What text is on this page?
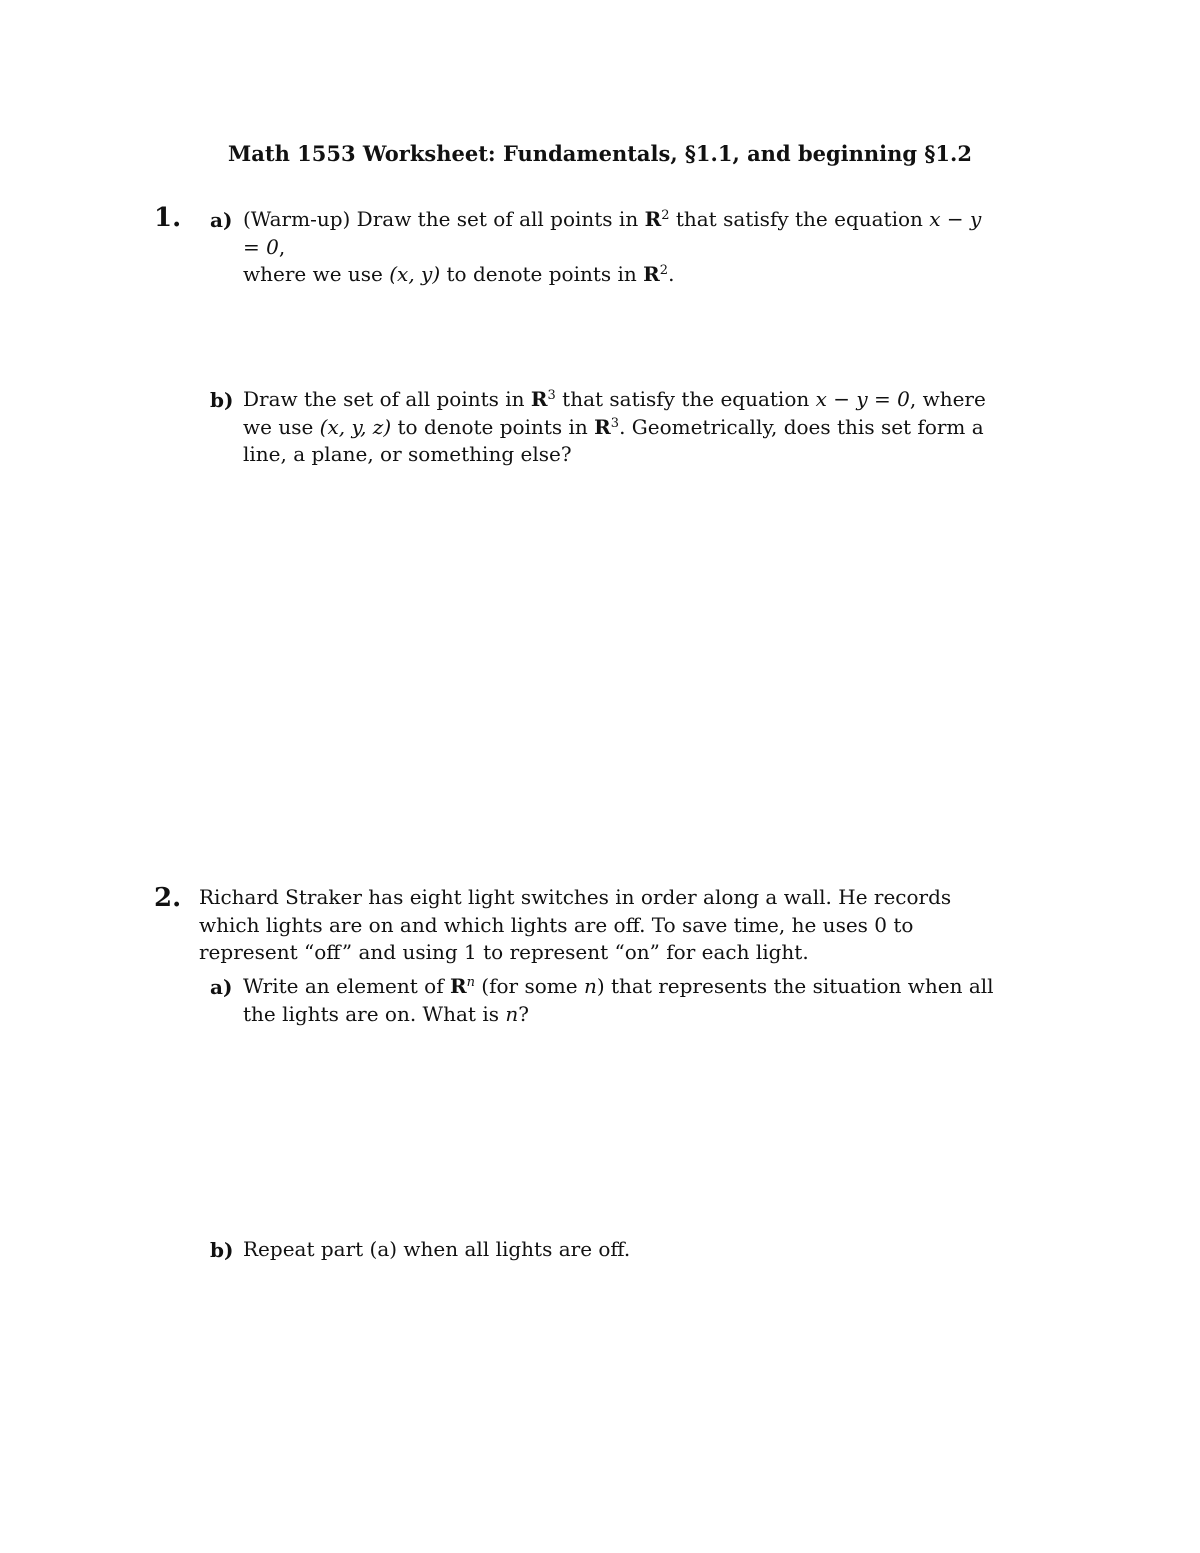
Math 1553 Worksheet: Fundamentals, §1.1, and beginning §1.2
1. a) (Warm-up) Draw the set of all points in $R^2$ that satisfy the equation x − y = 0,
where we use (x, y) to denote points in $R^2$.

b) Draw the set of all points in $R^3$ that satisfy the equation x − y = 0, where we use (x, y, z) to denote points in $R^3$. Geometrically, does this set form a line, a plane, or something else?

2. Richard Straker has eight light switches in order along a wall. He records which lights are on and which lights are off. To save time, he uses 0 to represent “off” and using 1 to represent “on” for each light.

a) Write an element of $R^n$ (for some n) that represents the situation when all the lights are on. What is n?

b) Repeat part (a) when all lights are off.
